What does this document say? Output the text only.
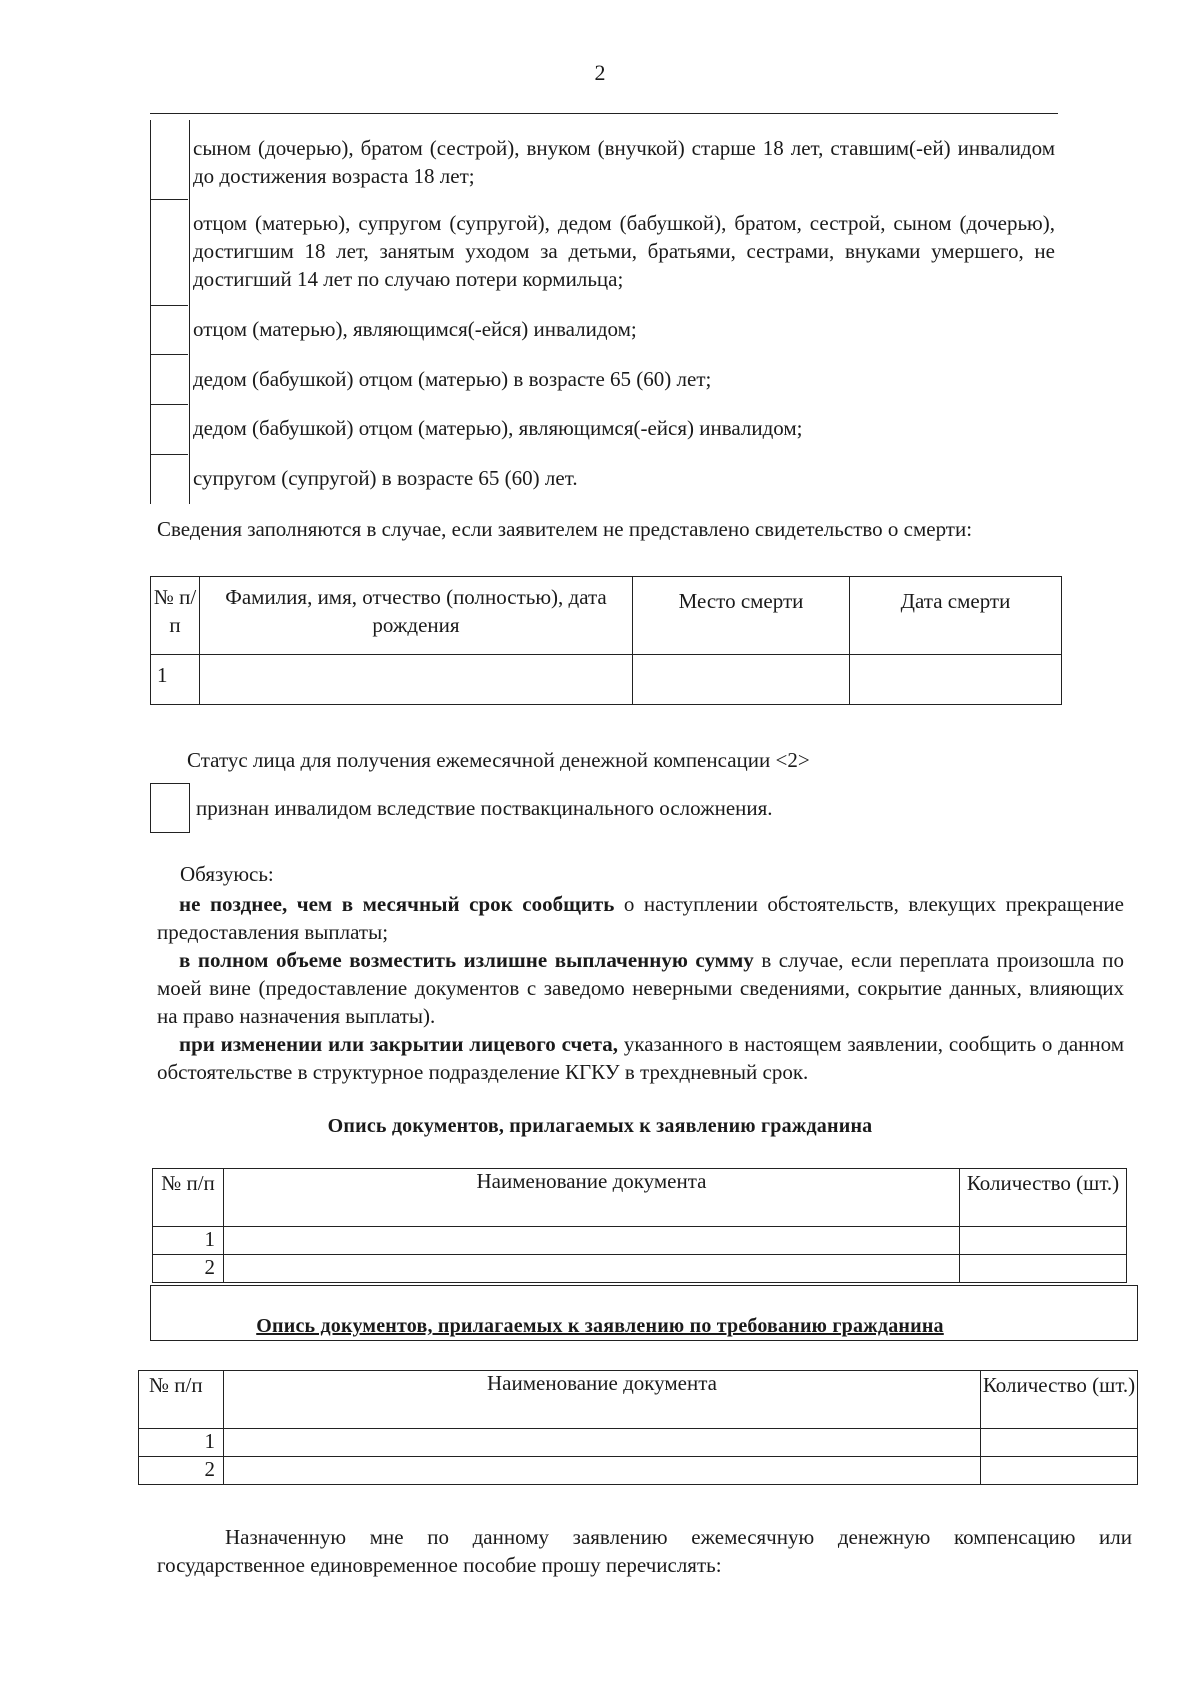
2
сыном (дочерью), братом (сестрой), внуком (внучкой) старше 18 лет, ставшим(-ей) инвалидом до достижения возраста 18 лет;
отцом (матерью), супругом (супругой), дедом (бабушкой), братом, сестрой, сыном (дочерью), достигшим 18 лет, занятым уходом за детьми, братьями, сестрами, внуками умершего, не достигший 14 лет по случаю потери кормильца;
отцом (матерью), являющимся(-ейся) инвалидом;
дедом (бабушкой) отцом (матерью) в возрасте 65 (60) лет;
дедом (бабушкой) отцом (матерью), являющимся(-ейся) инвалидом;
супругом (супругой) в возрасте 65 (60) лет.
Сведения заполняются в случае, если заявителем не представлено свидетельство о смерти:
№ п/п	Фамилия, имя, отчество (полностью), дата рождения	Место смерти	Дата смерти
1			
Статус лица для получения ежемесячной денежной компенсации <2>
признан инвалидом вследствие поствакцинального осложнения.
Обязуюсь:
не позднее, чем в месячный срок сообщить о наступлении обстоятельств, влекущих прекращение предоставления выплаты;
в полном объеме возместить излишне выплаченную сумму в случае, если переплата произошла по моей вине (предоставление документов с заведомо неверными сведениями, сокрытие данных, влияющих на право назначения выплаты).
при изменении или закрытии лицевого счета, указанного в настоящем заявлении, сообщить о данном обстоятельстве в структурное подразделение КГКУ в трехдневный срок.
Опись документов, прилагаемых к заявлению гражданина
№ п/п	Наименование документа	Количество (шт.)
1		
2		
Опись документов, прилагаемых к заявлению по требованию гражданина
№ п/п	Наименование документа	Количество (шт.)
1		
2		
Назначенную мне по данному заявлению ежемесячную денежную компенсацию или государственное единовременное пособие прошу перечислять:
